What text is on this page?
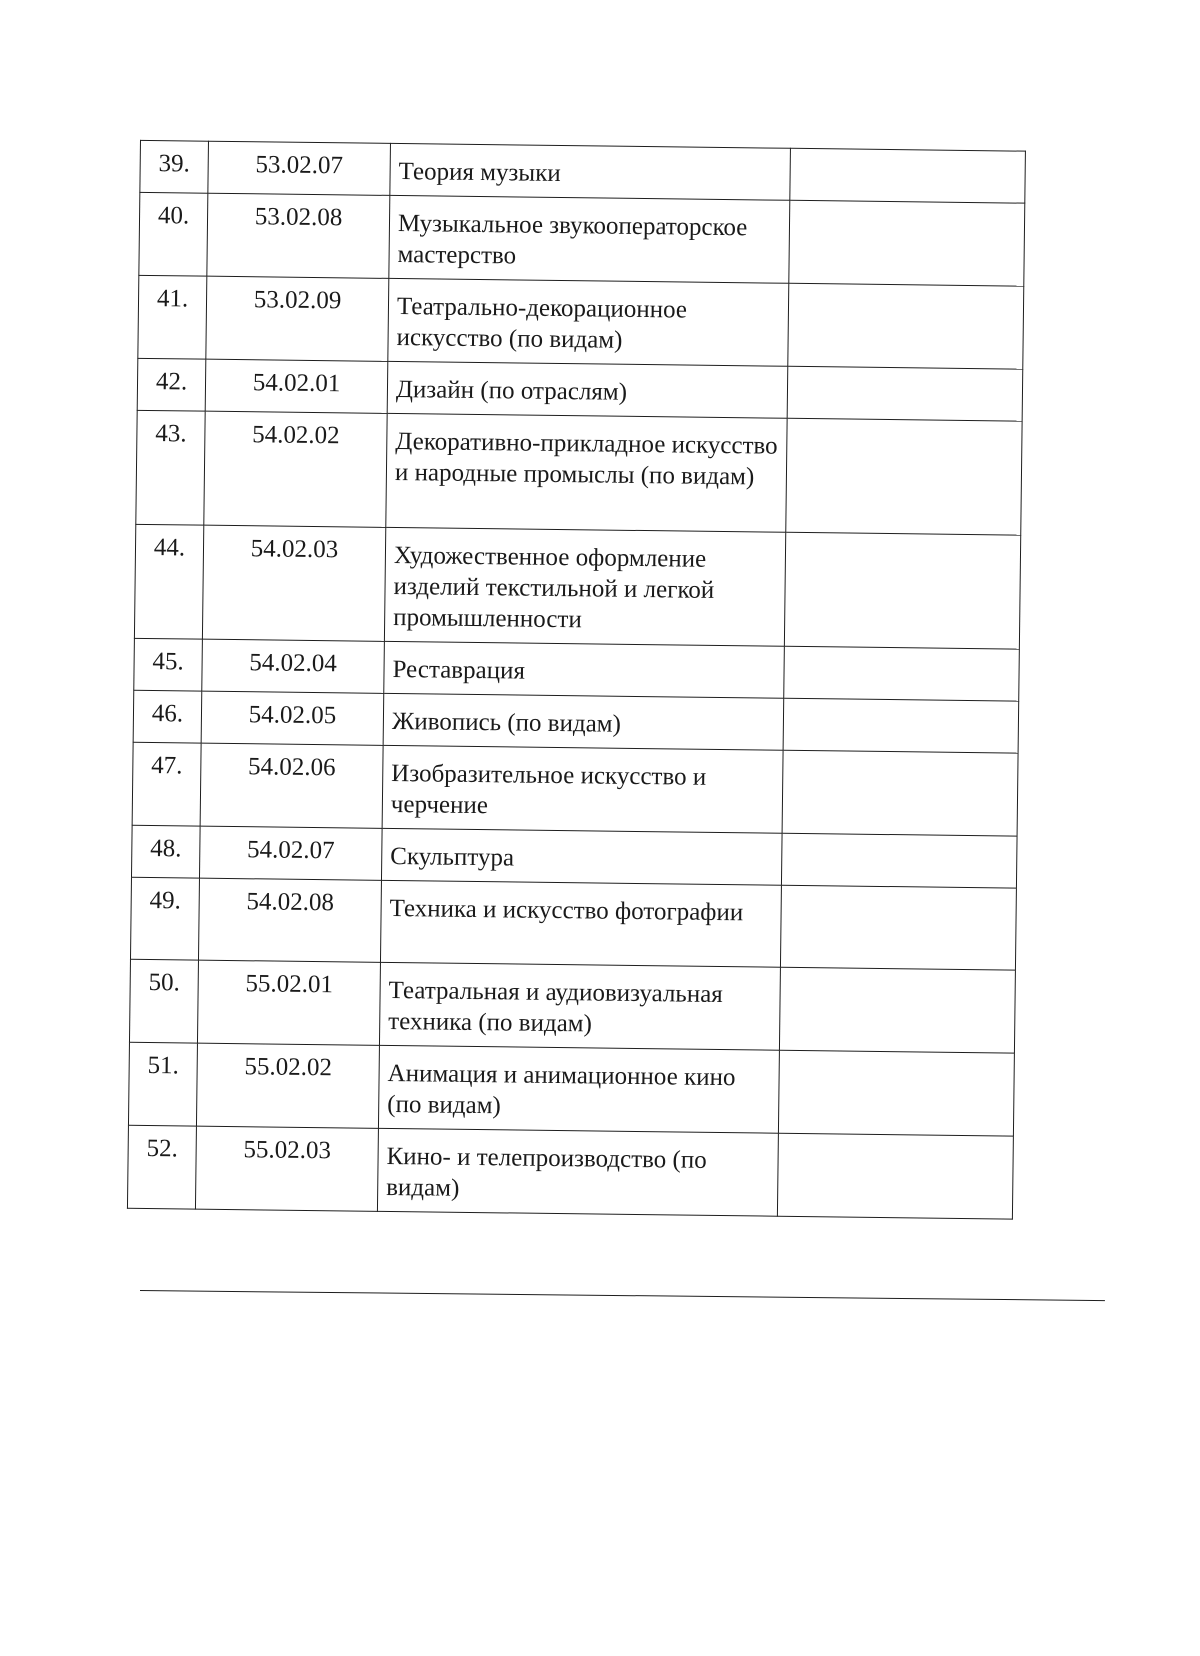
39.	53.02.07	Теория музыки	
40.	53.02.08	Музыкальное звукооператорское мастерство	
41.	53.02.09	Театрально-декорационное искусство (по видам)	
42.	54.02.01	Дизайн (по отраслям)	
43.	54.02.02	Декоративно-прикладное искусство и народные промыслы (по видам)	
44.	54.02.03	Художественное оформление изделий текстильной и легкой промышленности	
45.	54.02.04	Реставрация	
46.	54.02.05	Живопись (по видам)	
47.	54.02.06	Изобразительное искусство и черчение	
48.	54.02.07	Скульптура	
49.	54.02.08	Техника и искусство фотографии	
50.	55.02.01	Театральная и аудиовизуальная техника (по видам)	
51.	55.02.02	Анимация и анимационное кино (по видам)	
52.	55.02.03	Кино- и телепроизводство (по видам)	
